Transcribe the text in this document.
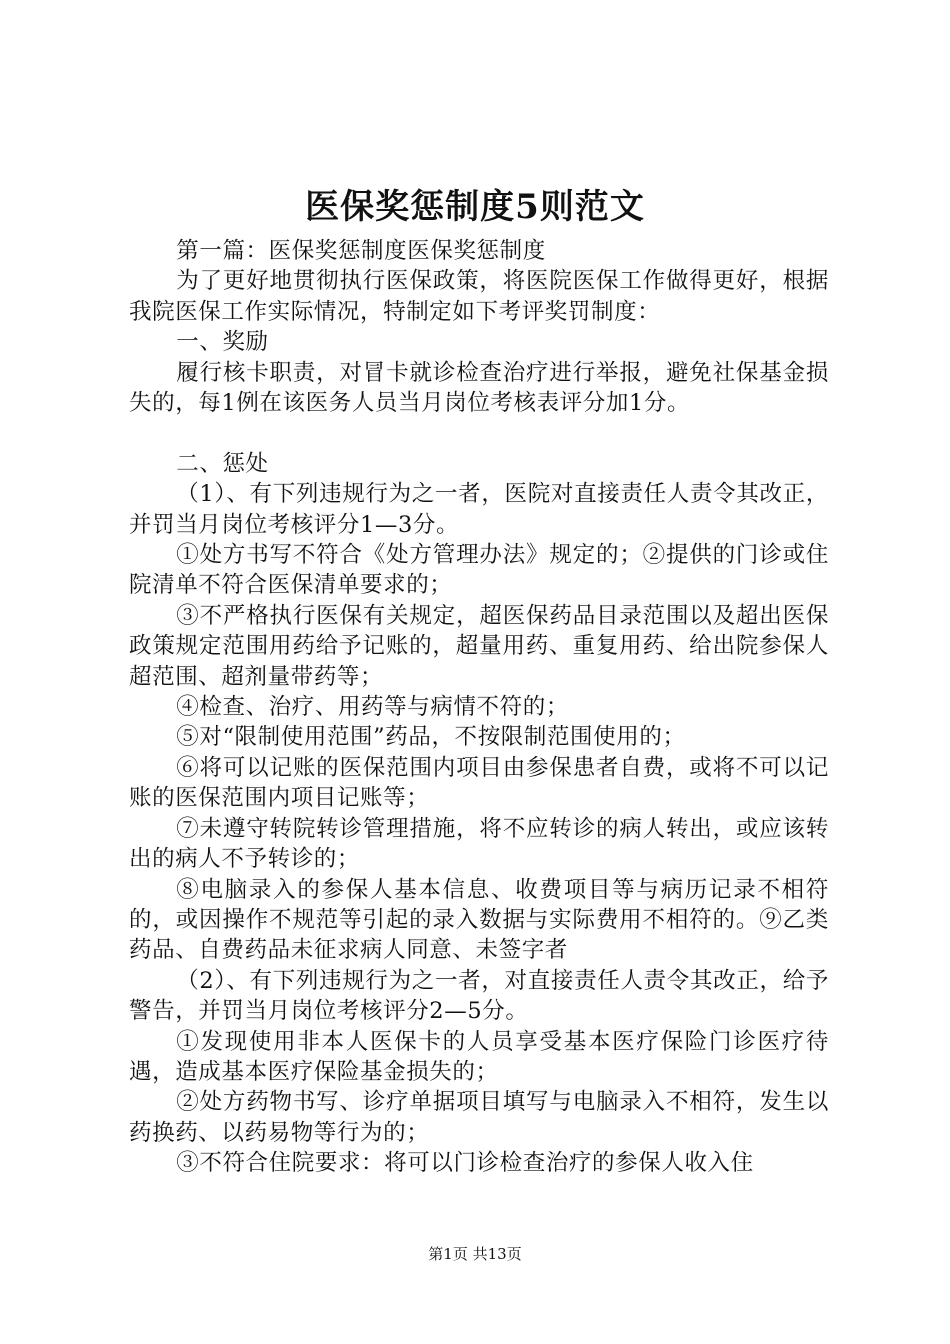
医保奖惩制度5则范文

第一篇：医保奖惩制度医保奖惩制度

为了更好地贯彻执行医保政策，将医院医保工作做得更好，根据我院医保工作实际情况，特制定如下考评奖罚制度：

一、奖励

履行核卡职责，对冒卡就诊检查治疗进行举报，避免社保基金损失的，每1例在该医务人员当月岗位考核表评分加1分。

二、惩处

（1）、有下列违规行为之一者，医院对直接责任人责令其改正，并罚当月岗位考核评分1—3分。

①处方书写不符合《处方管理办法》规定的；②提供的门诊或住院清单不符合医保清单要求的；

③不严格执行医保有关规定，超医保药品目录范围以及超出医保政策规定范围用药给予记账的，超量用药、重复用药、给出院参保人超范围、超剂量带药等；

④检查、治疗、用药等与病情不符的；

⑤对“限制使用范围”药品，不按限制范围使用的；

⑥将可以记账的医保范围内项目由参保患者自费，或将不可以记账的医保范围内项目记账等；

⑦未遵守转院转诊管理措施，将不应转诊的病人转出，或应该转出的病人不予转诊的；

⑧电脑录入的参保人基本信息、收费项目等与病历记录不相符的，或因操作不规范等引起的录入数据与实际费用不相符的。⑨乙类药品、自费药品未征求病人同意、未签字者

（2）、有下列违规行为之一者，对直接责任人责令其改正，给予警告，并罚当月岗位考核评分2—5分。

①发现使用非本人医保卡的人员享受基本医疗保险门诊医疗待遇，造成基本医疗保险基金损失的；

②处方药物书写、诊疗单据项目填写与电脑录入不相符，发生以药换药、以药易物等行为的；

③不符合住院要求：将可以门诊检查治疗的参保人收入住

第1页 共13页
